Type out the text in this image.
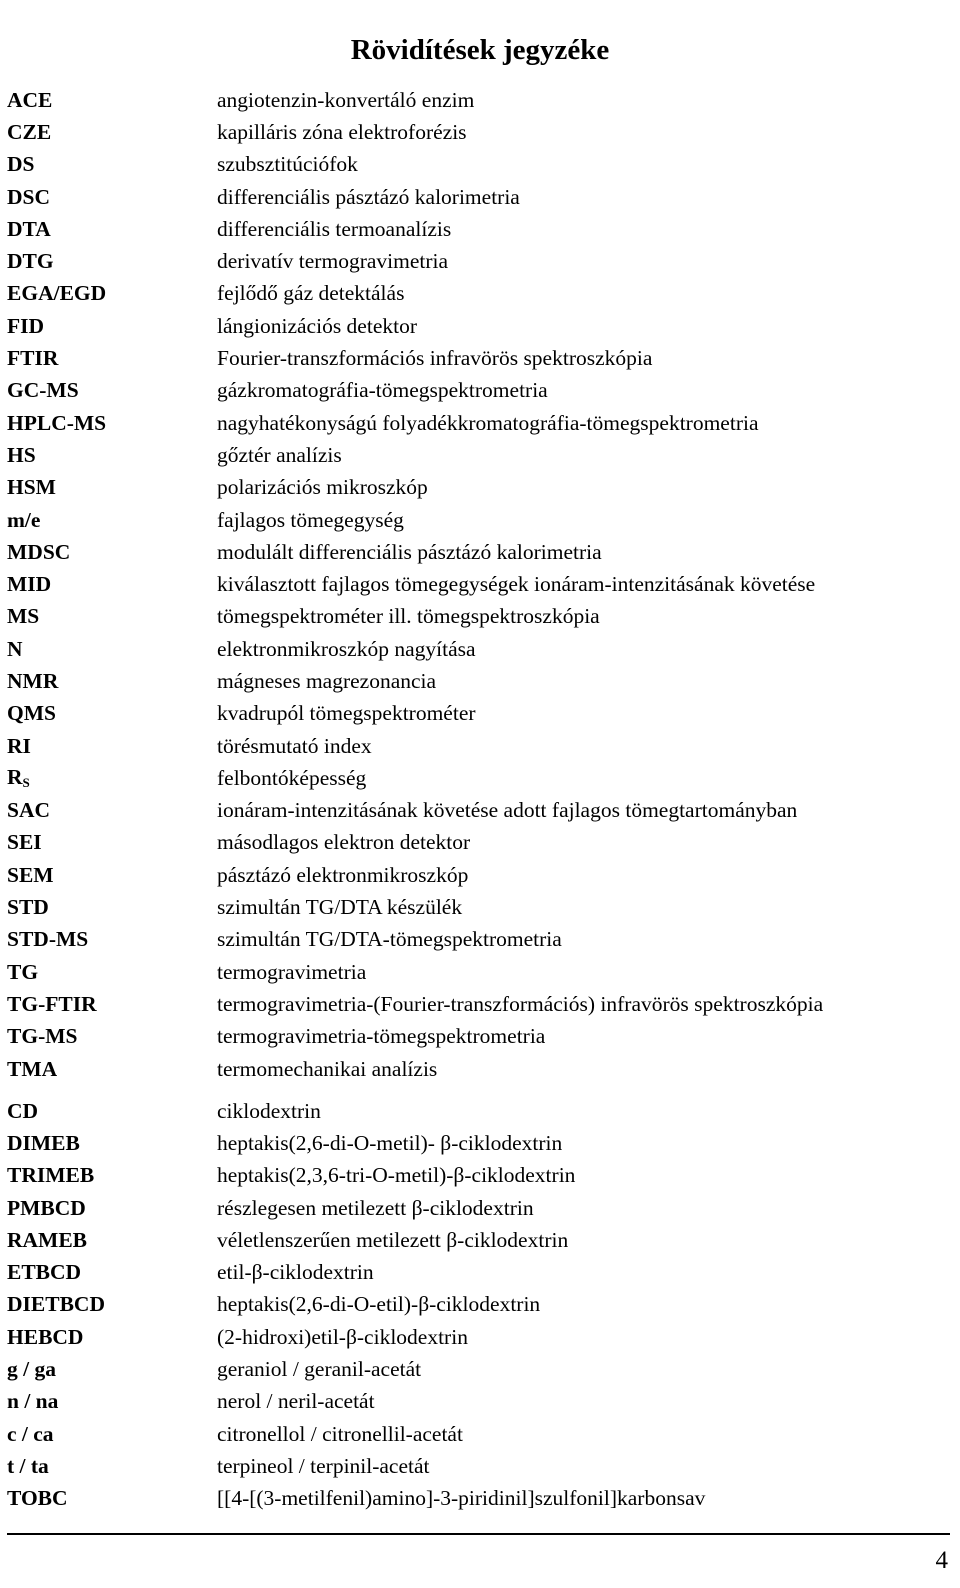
Rövidítések jegyzéke
ACE	angiotenzin-konvertáló enzim
CZE	kapilláris zóna elektroforézis
DS	szubsztitúciófok
DSC	differenciális pásztázó kalorimetria
DTA	differenciális termoanalízis
DTG	derivatív termogravimetria
EGA/EGD	fejlődő gáz detektálás
FID	lángionizációs detektor
FTIR	Fourier-transzformációs infravörös spektroszkópia
GC-MS	gázkromatográfia-tömegspektrometria
HPLC-MS	nagyhatékonyságú folyadékkromatográfia-tömegspektrometria
HS	gőztér analízis
HSM	polarizációs mikroszkóp
m/e	fajlagos tömegegység
MDSC	modulált differenciális pásztázó kalorimetria
MID	kiválasztott fajlagos tömegegységek ionáram-intenzitásának követése
MS	tömegspektrométer ill. tömegspektroszkópia
N	elektronmikroszkóp nagyítása
NMR	mágneses magrezonancia
QMS	kvadrupól tömegspektrométer
RI	törésmutató index
$R_S$	felbontóképesség
SAC	ionáram-intenzitásának követése adott fajlagos tömegtartományban
SEI	másodlagos elektron detektor
SEM	pásztázó elektronmikroszkóp
STD	szimultán TG/DTA készülék
STD-MS	szimultán TG/DTA-tömegspektrometria
TG	termogravimetria
TG-FTIR	termogravimetria-(Fourier-transzformációs) infravörös spektroszkópia
TG-MS	termogravimetria-tömegspektrometria
TMA	termomechanikai analízis
CD	ciklodextrin
DIMEB	heptakis(2,6-di-O-metil)- β-ciklodextrin
TRIMEB	heptakis(2,3,6-tri-O-metil)-β-ciklodextrin
PMBCD	részlegesen metilezett β-ciklodextrin
RAMEB	véletlenszerűen metilezett β-ciklodextrin
ETBCD	etil-β-ciklodextrin
DIETBCD	heptakis(2,6-di-O-etil)-β-ciklodextrin
HEBCD	(2-hidroxi)etil-β-ciklodextrin
g / ga	geraniol / geranil-acetát
n / na	nerol / neril-acetát
c / ca	citronellol / citronellil-acetát
t / ta	terpineol / terpinil-acetát
TOBC	[[4-[(3-metilfenil)amino]-3-piridinil]szulfonil]karbonsav
4
